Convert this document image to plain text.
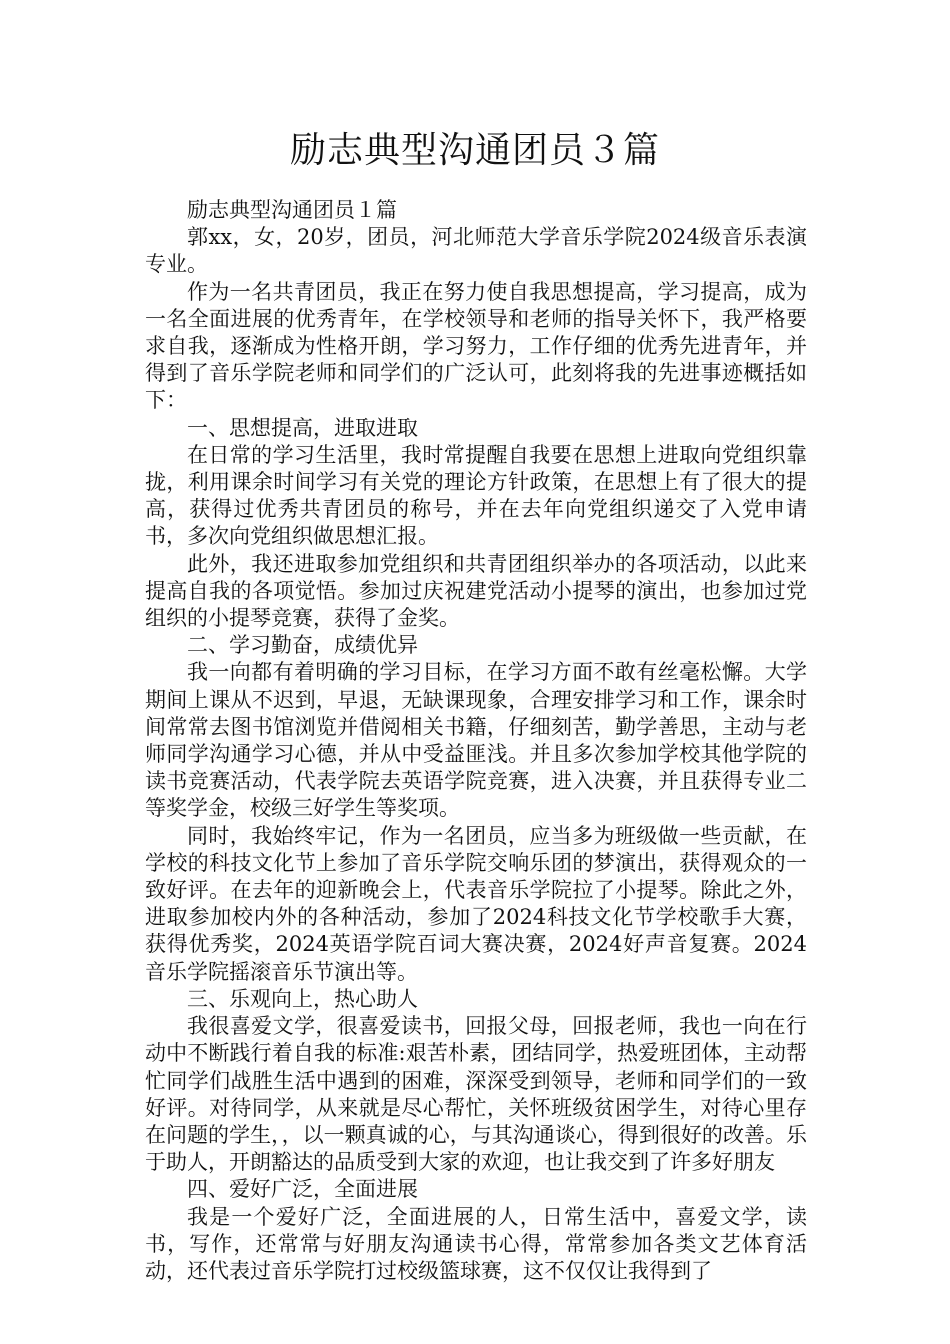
励志典型沟通团员３篇

励志典型沟通团员１篇

郭xx，女，20岁，团员，河北师范大学音乐学院2024级音乐表演专业。

作为一名共青团员，我正在努力使自我思想提高，学习提高，成为一名全面进展的优秀青年，在学校领导和老师的指导关怀下，我严格要求自我，逐渐成为性格开朗，学习努力，工作仔细的优秀先进青年，并得到了音乐学院老师和同学们的广泛认可，此刻将我的先进事迹概括如下：

一、思想提高，进取进取

在日常的学习生活里，我时常提醒自我要在思想上进取向党组织靠拢，利用课余时间学习有关党的理论方针政策，在思想上有了很大的提高，获得过优秀共青团员的称号，并在去年向党组织递交了入党申请书，多次向党组织做思想汇报。

此外，我还进取参加党组织和共青团组织举办的各项活动，以此来提高自我的各项觉悟。参加过庆祝建党活动小提琴的演出，也参加过党组织的小提琴竞赛，获得了金奖。

二、学习勤奋，成绩优异

我一向都有着明确的学习目标，在学习方面不敢有丝毫松懈。大学期间上课从不迟到，早退，无缺课现象，合理安排学习和工作，课余时间常常去图书馆浏览并借阅相关书籍，仔细刻苦，勤学善思，主动与老师同学沟通学习心德，并从中受益匪浅。并且多次参加学校其他学院的读书竞赛活动，代表学院去英语学院竞赛，进入决赛，并且获得专业二等奖学金，校级三好学生等奖项。

同时，我始终牢记，作为一名团员，应当多为班级做一些贡献，在学校的科技文化节上参加了音乐学院交响乐团的梦演出，获得观众的一致好评。在去年的迎新晚会上，代表音乐学院拉了小提琴。除此之外，进取参加校内外的各种活动，参加了2024科技文化节学校歌手大赛，获得优秀奖，2024英语学院百词大赛决赛，2024好声音复赛。2024音乐学院摇滚音乐节演出等。

三、乐观向上，热心助人

我很喜爱文学，很喜爱读书，回报父母，回报老师，我也一向在行动中不断践行着自我的标准:艰苦朴素，团结同学，热爱班团体，主动帮忙同学们战胜生活中遇到的困难，深深受到领导，老师和同学们的一致好评。对待同学，从来就是尽心帮忙，关怀班级贫困学生，对待心里存在问题的学生，，以一颗真诚的心，与其沟通谈心，得到很好的改善。乐于助人，开朗豁达的品质受到大家的欢迎，也让我交到了许多好朋友

四、爱好广泛，全面进展

我是一个爱好广泛，全面进展的人，日常生活中，喜爱文学，读书，写作，还常常与好朋友沟通读书心得，常常参加各类文艺体育活动，还代表过音乐学院打过校级篮球赛，这不仅仅让我得到了
